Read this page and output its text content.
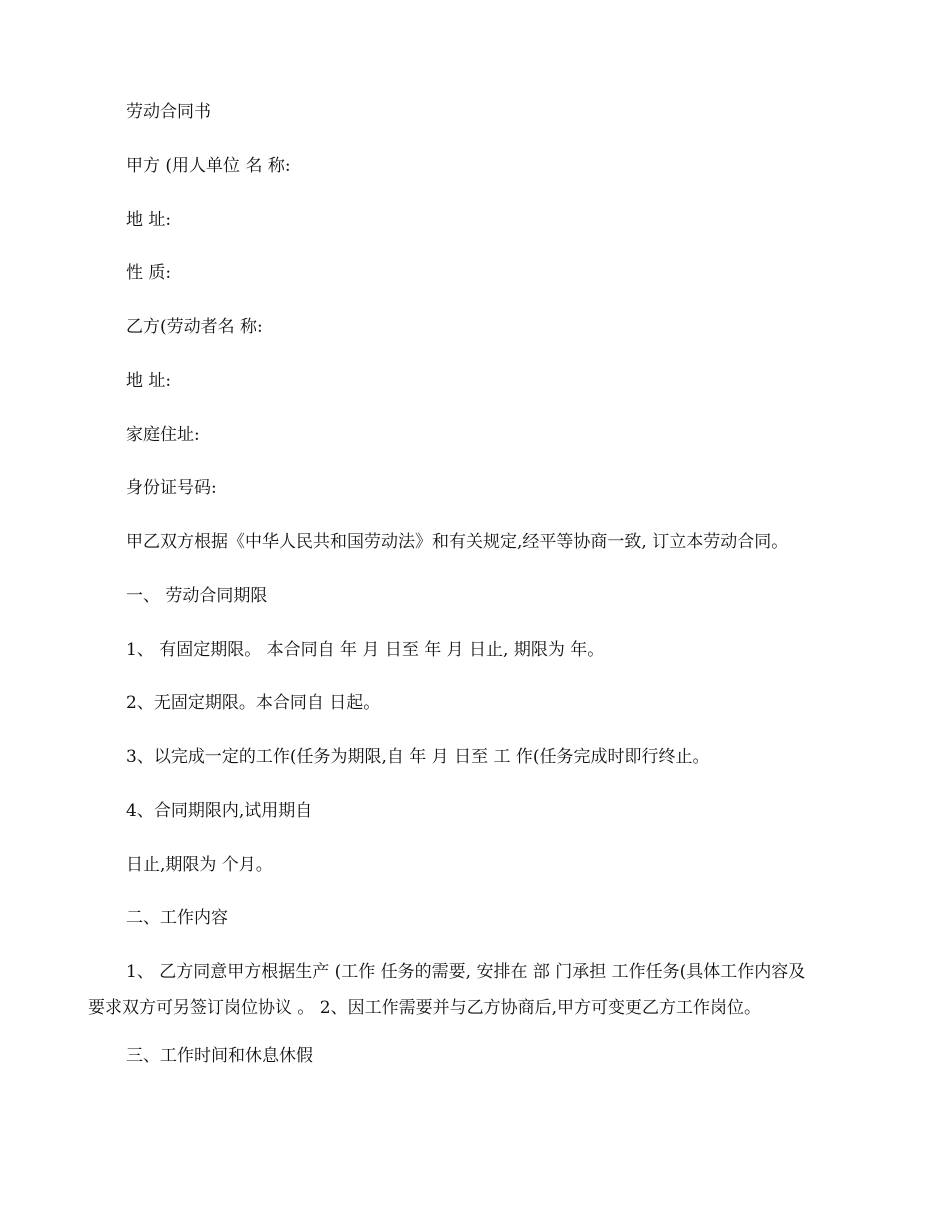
劳动合同书
甲方 (用人单位 名 称:
地 址:
性 质:
乙方(劳动者名 称:
地 址:
家庭住址:
身份证号码:
甲乙双方根据《中华人民共和国劳动法》和有关规定,经平等协商一致, 订立本劳动合同。
一、 劳动合同期限
1、 有固定期限。 本合同自 年 月 日至 年 月 日止, 期限为 年。
2、无固定期限。本合同自 日起。
3、以完成一定的工作(任务为期限,自 年 月 日至 工 作(任务完成时即行终止。
4、合同期限内,试用期自
日止,期限为 个月。
二、工作内容
1、 乙方同意甲方根据生产 (工作 任务的需要, 安排在 部 门承担 工作任务(具体工作内容及
要求双方可另签订岗位协议 。 2、因工作需要并与乙方协商后,甲方可变更乙方工作岗位。
三、工作时间和休息休假
